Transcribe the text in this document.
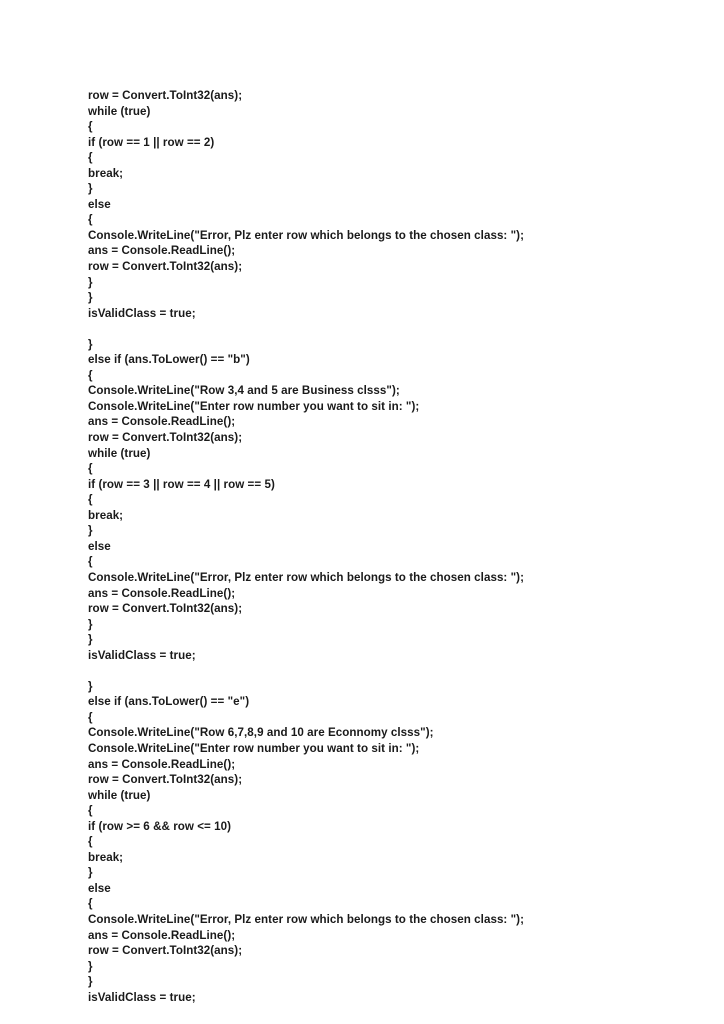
row = Convert.ToInt32(ans);
while (true)
{
if (row == 1 || row == 2)
{
break;
}
else
{
Console.WriteLine("Error, Plz enter row which belongs to the chosen class: ");
ans = Console.ReadLine();
row = Convert.ToInt32(ans);
}
}
isValidClass = true;
}
else if (ans.ToLower() == "b")
{
Console.WriteLine("Row 3,4 and 5 are Business clsss");
Console.WriteLine("Enter row number you want to sit in: ");
ans = Console.ReadLine();
row = Convert.ToInt32(ans);
while (true)
{
if (row == 3 || row == 4 || row == 5)
{
break;
}
else
{
Console.WriteLine("Error, Plz enter row which belongs to the chosen class: ");
ans = Console.ReadLine();
row = Convert.ToInt32(ans);
}
}
isValidClass = true;
}
else if (ans.ToLower() == "e")
{
Console.WriteLine("Row 6,7,8,9 and 10 are Econnomy clsss");
Console.WriteLine("Enter row number you want to sit in: ");
ans = Console.ReadLine();
row = Convert.ToInt32(ans);
while (true)
{
if (row >= 6 && row <= 10)
{
break;
}
else
{
Console.WriteLine("Error, Plz enter row which belongs to the chosen class: ");
ans = Console.ReadLine();
row = Convert.ToInt32(ans);
}
}
isValidClass = true;
